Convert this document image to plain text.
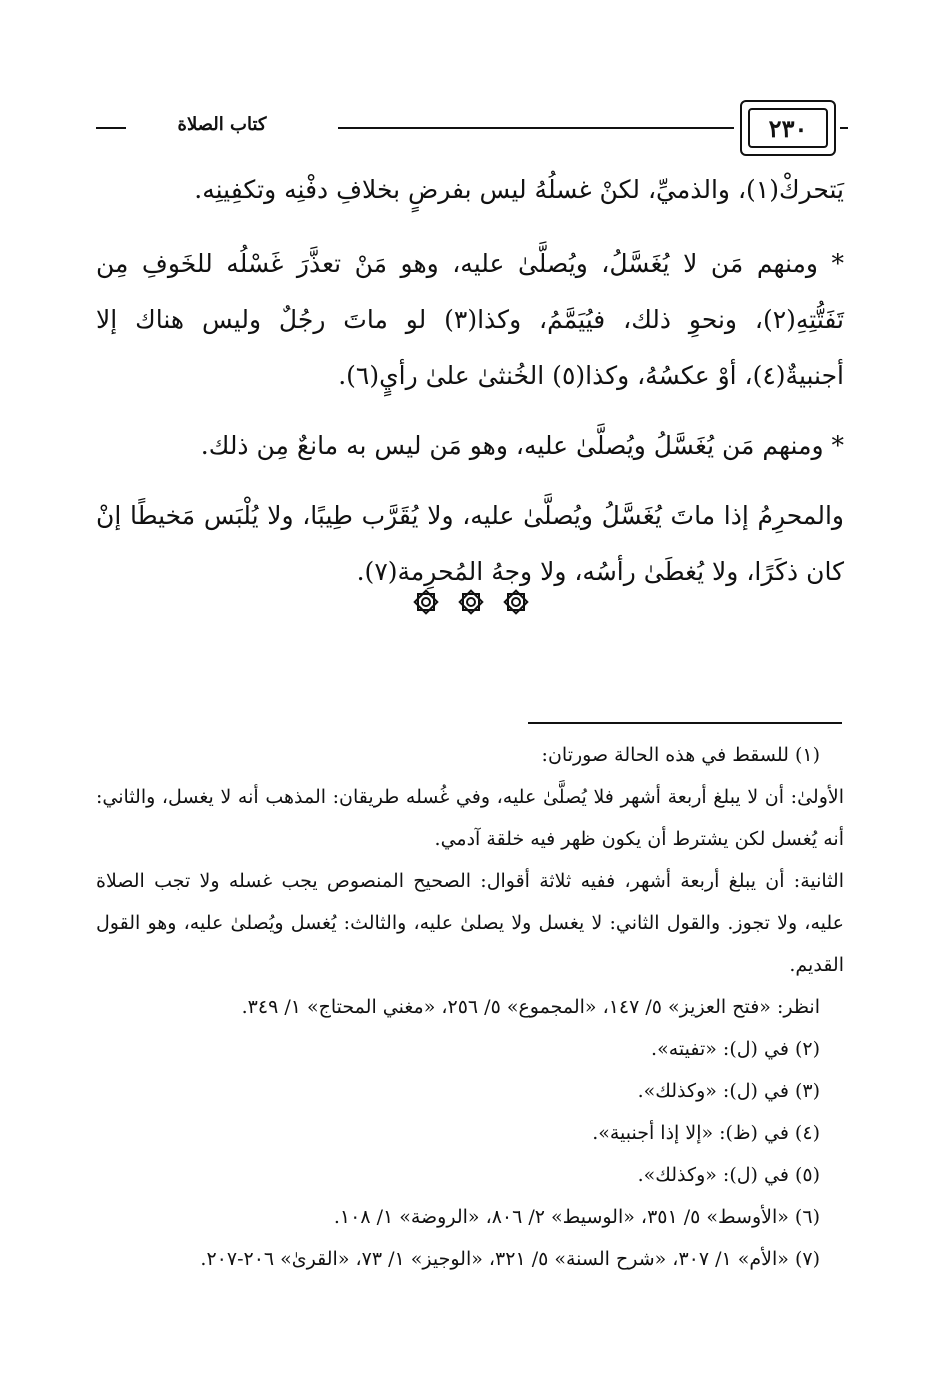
كتاب الصلاة	٢٣٠

يَتحركْ(١)، والذميِّ، لكنْ غسلُهُ ليس بفرضٍ بخلافِ دفْنِه وتكفِينِه.

* ومنهم مَن لا يُغَسَّلُ، ويُصلَّىٰ عليه، وهو مَنْ تعذَّرَ غَسْلُه للخَوفِ مِن تَفَتُّتِهِ(٢)، ونحوِ ذلك، فيُيَمَّمُ، وكذا(٣) لو ماتَ رجُلٌ وليس هناك إلا أجنبيةٌ(٤)، أوْ عكسُهُ، وكذا(٥) الخُنثىٰ علىٰ رأيٍ(٦).

* ومنهم مَن يُغَسَّلُ ويُصلَّىٰ عليه، وهو مَن ليس به مانعٌ مِن ذلك.

والمحرِمُ إذا ماتَ يُغَسَّلُ ويُصلَّىٰ عليه، ولا يُقَرَّب طِيبًا، ولا يُلْبَس مَخيطًا إنْ كان ذكَرًا، ولا يُغطَىٰ رأسُه، ولا وجهُ المُحرِمة(٧).

(١) للسقط في هذه الحالة صورتان:

الأولىٰ: أن لا يبلغ أربعة أشهر فلا يُصلَّىٰ عليه، وفي غُسله طريقان: المذهب أنه لا يغسل، والثاني: أنه يُغسل لكن يشترط أن يكون ظهر فيه خلقة آدمي.

الثانية: أن يبلغ أربعة أشهر، ففيه ثلاثة أقوال: الصحيح المنصوص يجب غسله ولا تجب الصلاة عليه، ولا تجوز. والقول الثاني: لا يغسل ولا يصلىٰ عليه، والثالث: يُغسل ويُصلىٰ عليه، وهو القول القديم.

انظر: «فتح العزيز» ٥/ ١٤٧، «المجموع» ٥/ ٢٥٦، «مغني المحتاج» ١/ ٣٤٩.

(٢) في (ل): «تفيته».

(٣) في (ل): «وكذلك».

(٤) في (ظ): «إلا إذا أجنبية».

(٥) في (ل): «وكذلك».

(٦) «الأوسط» ٥/ ٣٥١، «الوسيط» ٢/ ٨٠٦، «الروضة» ١/ ١٠٨.

(٧) «الأم» ١/ ٣٠٧، «شرح السنة» ٥/ ٣٢١، «الوجيز» ١/ ٧٣، «القرىٰ» ٢٠٦-٢٠٧.
